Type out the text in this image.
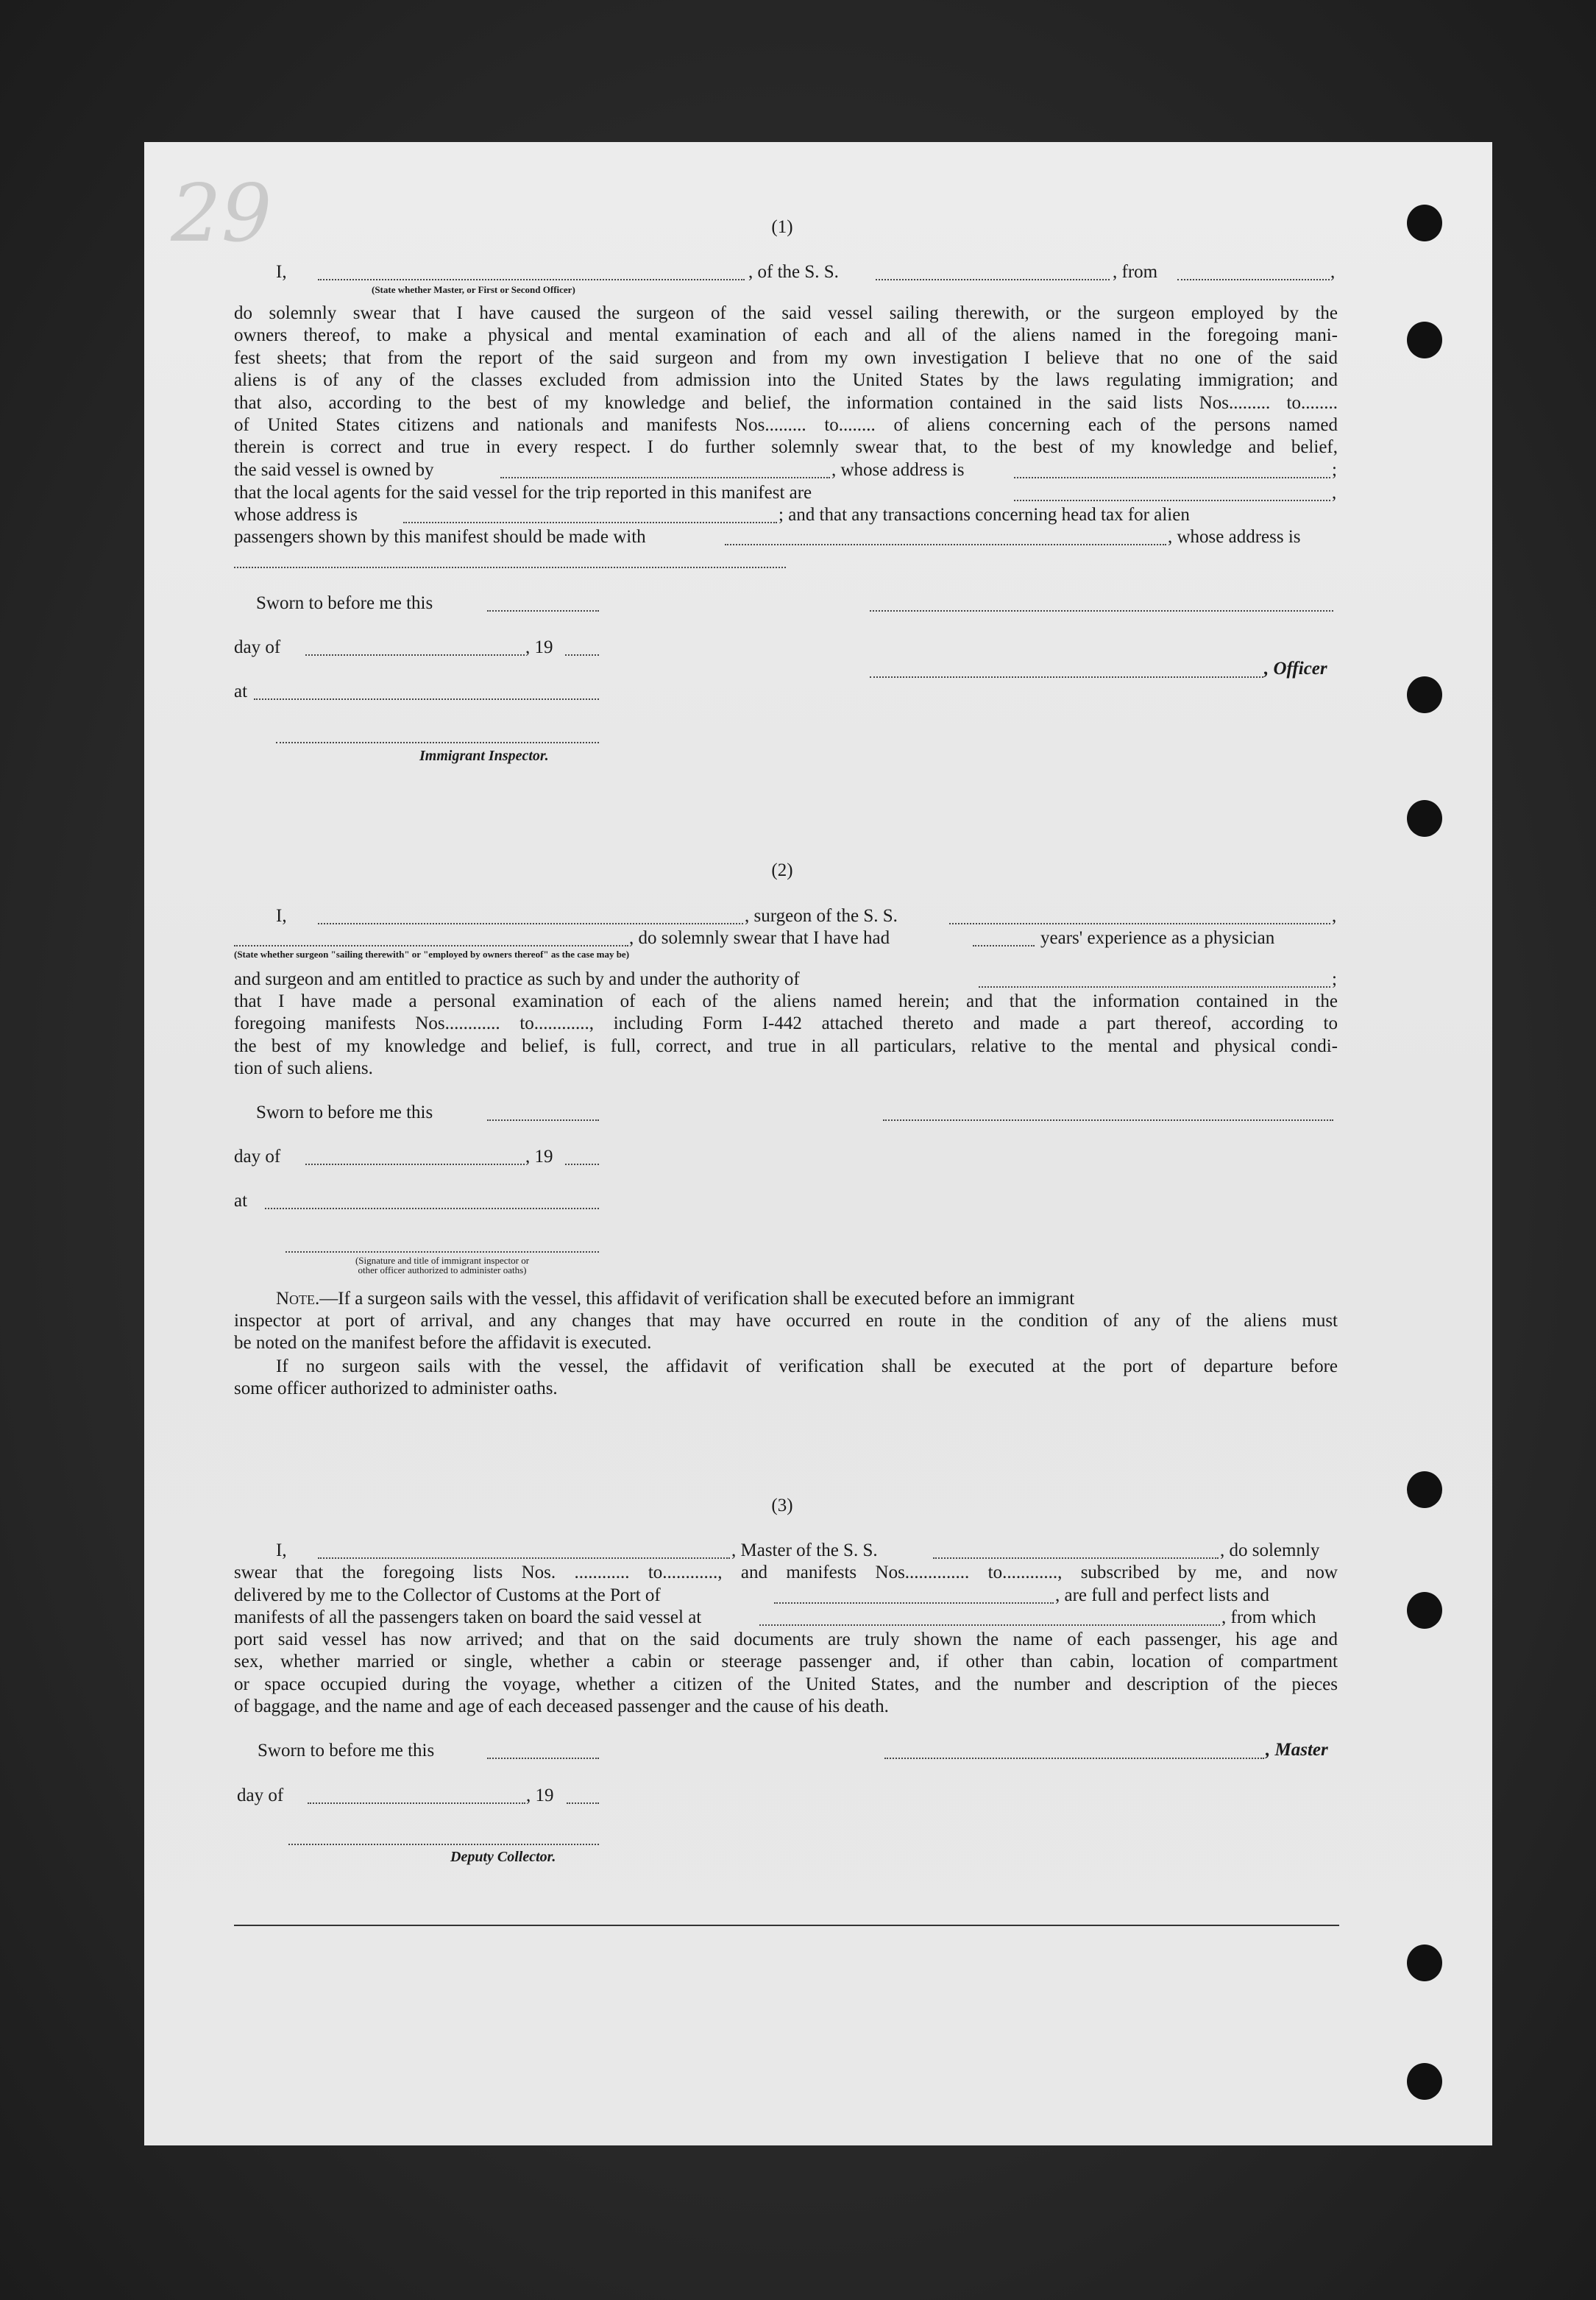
29	(1)
I,	, of the S. S.	, from	,
(State whether Master, or First or Second Officer)
do solemnly swear that I have caused the surgeon of the said vessel sailing therewith, or the surgeon employed by the
owners thereof, to make a physical and mental examination of each and all of the aliens named in the foregoing mani-
fest sheets; that from the report of the said surgeon and from my own investigation I believe that no one of the said
aliens is of any of the classes excluded from admission into the United States by the laws regulating immigration; and
that also, according to the best of my knowledge and belief, the information contained in the said lists Nos......... to........
of United States citizens and nationals and manifests Nos......... to........ of aliens concerning each of the persons named
therein is correct and true in every respect. I do further solemnly swear that, to the best of my knowledge and belief,
the said vessel is owned by	, whose address is	;
that the local agents for the said vessel for the trip reported in this manifest are	,
whose address is	; and that any transactions concerning head tax for alien
passengers shown by this manifest should be made with	, whose address is
Sworn to before me this
day of	, 19
, Officer
at
Immigrant Inspector.
(2)
I,	, surgeon of the S. S.	,
, do solemnly swear that I have had	years' experience as a physician
(State whether surgeon "sailing therewith" or "employed by owners thereof" as the case may be)
and surgeon and am entitled to practice as such by and under the authority of	;
that I have made a personal examination of each of the aliens named herein; and that the information contained in the
foregoing manifests Nos............ to............, including Form I-442 attached thereto and made a part thereof, according to
the best of my knowledge and belief, is full, correct, and true in all particulars, relative to the mental and physical condi-
tion of such aliens.
Sworn to before me this
day of	, 19
at
(Signature and title of immigrant inspector or
other officer authorized to administer oaths)
Note.—If a surgeon sails with the vessel, this affidavit of verification shall be executed before an immigrant
inspector at port of arrival, and any changes that may have occurred en route in the condition of any of the aliens must
be noted on the manifest before the affidavit is executed.
If no surgeon sails with the vessel, the affidavit of verification shall be executed at the port of departure before
some officer authorized to administer oaths.
(3)
I,	, Master of the S. S.	, do solemnly
swear that the foregoing lists Nos. ............ to............, and manifests Nos.............. to............, subscribed by me, and now
delivered by me to the Collector of Customs at the Port of	, are full and perfect lists and
manifests of all the passengers taken on board the said vessel at	, from which
port said vessel has now arrived; and that on the said documents are truly shown the name of each passenger, his age and
sex, whether married or single, whether a cabin or steerage passenger and, if other than cabin, location of compartment
or space occupied during the voyage, whether a citizen of the United States, and the number and description of the pieces
of baggage, and the name and age of each deceased passenger and the cause of his death.
Sworn to before me this	, Master
day of	, 19
Deputy Collector.
